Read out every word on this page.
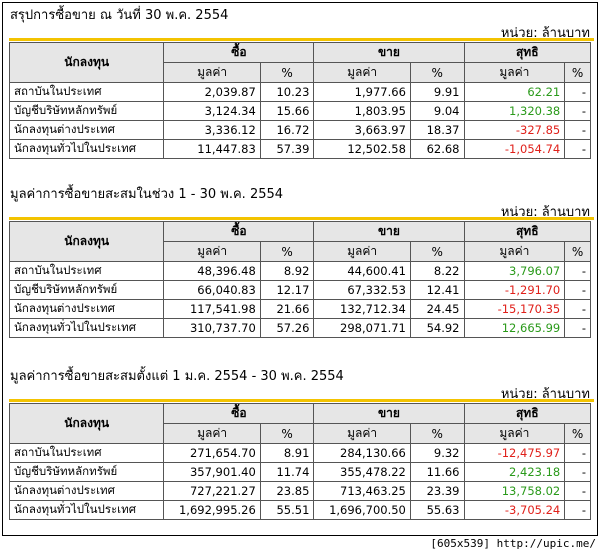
สรุปการซื้อขาย ณ วันที่ 30 พ.ค. 2554
หน่วย: ล้านบาท
นักลงทุน	ซื้อ		ขาย		สุทธิ	
	มูลค่า	%	มูลค่า	%	มูลค่า	%
สถาบันในประเทศ	2,039.87	10.23	1,977.66	9.91	62.21	-
บัญชีบริษัทหลักทรัพย์	3,124.34	15.66	1,803.95	9.04	1,320.38	-
นักลงทุนต่างประเทศ	3,336.12	16.72	3,663.97	18.37	-327.85	-
นักลงทุนทั่วไปในประเทศ	11,447.83	57.39	12,502.58	62.68	-1,054.74	-
มูลค่าการซื้อขายสะสมในช่วง 1 - 30 พ.ค. 2554
หน่วย: ล้านบาท
นักลงทุน	ซื้อ		ขาย		สุทธิ	
	มูลค่า	%	มูลค่า	%	มูลค่า	%
สถาบันในประเทศ	48,396.48	8.92	44,600.41	8.22	3,796.07	-
บัญชีบริษัทหลักทรัพย์	66,040.83	12.17	67,332.53	12.41	-1,291.70	-
นักลงทุนต่างประเทศ	117,541.98	21.66	132,712.34	24.45	-15,170.35	-
นักลงทุนทั่วไปในประเทศ	310,737.70	57.26	298,071.71	54.92	12,665.99	-
มูลค่าการซื้อขายสะสมตั้งแต่ 1 ม.ค. 2554 - 30 พ.ค. 2554
หน่วย: ล้านบาท
นักลงทุน	ซื้อ		ขาย		สุทธิ	
	มูลค่า	%	มูลค่า	%	มูลค่า	%
สถาบันในประเทศ	271,654.70	8.91	284,130.66	9.32	-12,475.97	-
บัญชีบริษัทหลักทรัพย์	357,901.40	11.74	355,478.22	11.66	2,423.18	-
นักลงทุนต่างประเทศ	727,221.27	23.85	713,463.25	23.39	13,758.02	-
นักลงทุนทั่วไปในประเทศ	1,692,995.26	55.51	1,696,700.50	55.63	-3,705.24	-
[605x539] http://upic.me/
